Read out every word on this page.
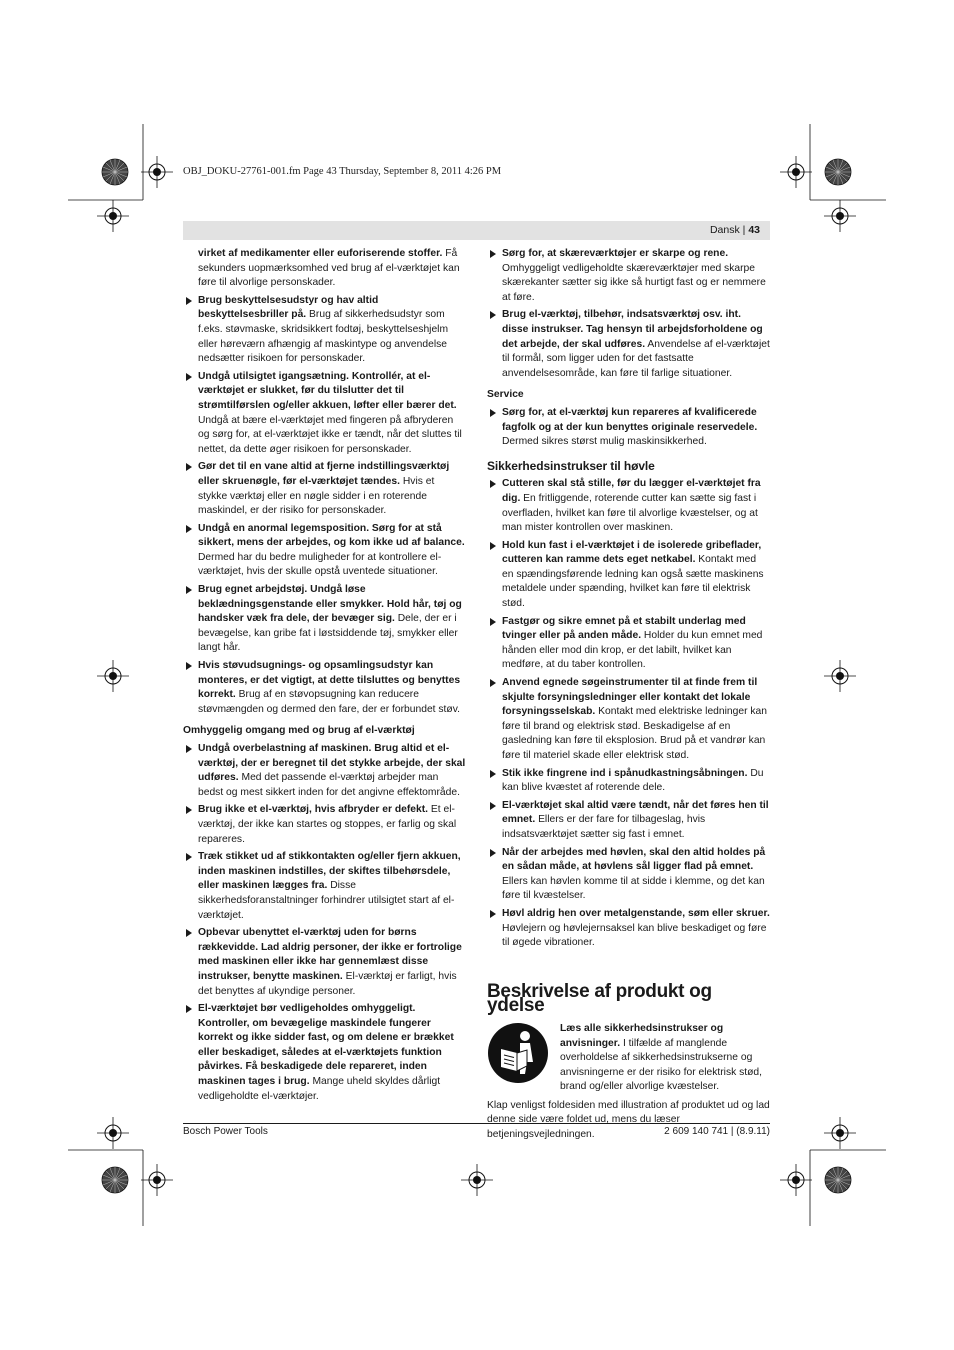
OBJ_DOKU-27761-001.fm Page 43 Thursday, September 8, 2011 4:26 PM
Dansk | 43
virket af medikamenter eller euforiserende stoffer. Få sekunders uopmærksomhed ved brug af el-værktøjet kan føre til alvorlige personskader.
Brug beskyttelsesudstyr og hav altid beskyttelsesbriller på. Brug af sikkerhedsudstyr som f.eks. støvmaske, skridsikkert fodtøj, beskyttelseshjelm eller høreværn afhængig af maskintype og anvendelse nedsætter risikoen for personskader.
Undgå utilsigtet igangsætning. Kontrollér, at el-værktøjet er slukket, før du tilslutter det til strømtilførslen og/eller akkuen, løfter eller bærer det. Undgå at bære el-værktøjet med fingeren på afbryderen og sørg for, at el-værktøjet ikke er tændt, når det sluttes til nettet, da dette øger risikoen for personskader.
Gør det til en vane altid at fjerne indstillingsværktøj eller skruenøgle, før el-værktøjet tændes. Hvis et stykke værktøj eller en nøgle sidder i en roterende maskindel, er der risiko for personskader.
Undgå en anormal legemsposition. Sørg for at stå sikkert, mens der arbejdes, og kom ikke ud af balance. Dermed har du bedre muligheder for at kontrollere el-værktøjet, hvis der skulle opstå uventede situationer.
Brug egnet arbejdstøj. Undgå løse beklædningsgenstande eller smykker. Hold hår, tøj og handsker væk fra dele, der bevæger sig. Dele, der er i bevægelse, kan gribe fat i løstsiddende tøj, smykker eller langt hår.
Hvis støvudsugnings- og opsamlingsudstyr kan monteres, er det vigtigt, at dette tilsluttes og benyttes korrekt. Brug af en støvopsugning kan reducere støvmængden og dermed den fare, der er forbundet støv.
Omhyggelig omgang med og brug af el-værktøj
Undgå overbelastning af maskinen. Brug altid et el-værktøj, der er beregnet til det stykke arbejde, der skal udføres. Med det passende el-værktøj arbejder man bedst og mest sikkert inden for det angivne effektområde.
Brug ikke et el-værktøj, hvis afbryder er defekt. Et el-værktøj, der ikke kan startes og stoppes, er farlig og skal repareres.
Træk stikket ud af stikkontakten og/eller fjern akkuen, inden maskinen indstilles, der skiftes tilbehørsdele, eller maskinen lægges fra. Disse sikkerhedsforanstaltninger forhindrer utilsigtet start af el-værktøjet.
Opbevar ubenyttet el-værktøj uden for børns rækkevidde. Lad aldrig personer, der ikke er fortrolige med maskinen eller ikke har gennemlæst disse instrukser, benytte maskinen. El-værktøj er farligt, hvis det benyttes af ukyndige personer.
El-værktøjet bør vedligeholdes omhyggeligt. Kontroller, om bevægelige maskindele fungerer korrekt og ikke sidder fast, og om delene er brækket eller beskadiget, således at el-værktøjets funktion påvirkes. Få beskadigede dele repareret, inden maskinen tages i brug. Mange uheld skyldes dårligt vedligeholdte el-værktøjer.
Sørg for, at skæreværktøjer er skarpe og rene. Omhyggeligt vedligeholdte skæreværktøjer med skarpe skærekanter sætter sig ikke så hurtigt fast og er nemmere at føre.
Brug el-værktøj, tilbehør, indsatsværktøj osv. iht. disse instrukser. Tag hensyn til arbejdsforholdene og det arbejde, der skal udføres. Anvendelse af el-værktøjet til formål, som ligger uden for det fastsatte anvendelsesområde, kan føre til farlige situationer.
Service
Sørg for, at el-værktøj kun repareres af kvalificerede fagfolk og at der kun benyttes originale reservedele. Dermed sikres størst mulig maskinsikkerhed.
Sikkerhedsinstrukser til høvle
Cutteren skal stå stille, før du lægger el-værktøjet fra dig. En fritliggende, roterende cutter kan sætte sig fast i overfladen, hvilket kan føre til alvorlige kvæstelser, og at man mister kontrollen over maskinen.
Hold kun fast i el-værktøjet i de isolerede gribeflader, cutteren kan ramme dets eget netkabel. Kontakt med en spændingsførende ledning kan også sætte maskinens metaldele under spænding, hvilket kan føre til elektrisk stød.
Fastgør og sikre emnet på et stabilt underlag med tvinger eller på anden måde. Holder du kun emnet med hånden eller mod din krop, er det labilt, hvilket kan medføre, at du taber kontrollen.
Anvend egnede søgeinstrumenter til at finde frem til skjulte forsyningsledninger eller kontakt det lokale forsyningsselskab. Kontakt med elektriske ledninger kan føre til brand og elektrisk stød. Beskadigelse af en gasledning kan føre til eksplosion. Brud på et vandrør kan føre til materiel skade eller elektrisk stød.
Stik ikke fingrene ind i spånudkastningsåbningen. Du kan blive kvæstet af roterende dele.
El-værktøjet skal altid være tændt, når det føres hen til emnet. Ellers er der fare for tilbageslag, hvis indsatsværktøjet sætter sig fast i emnet.
Når der arbejdes med høvlen, skal den altid holdes på en sådan måde, at høvlens sål ligger flad på emnet. Ellers kan høvlen komme til at sidde i klemme, og det kan føre til kvæstelser.
Høvl aldrig hen over metalgenstande, søm eller skruer. Høvlejern og høvlejernsaksel kan blive beskadiget og føre til øgede vibrationer.
Beskrivelse af produkt og ydelse
Læs alle sikkerhedsinstrukser og anvisninger. I tilfælde af manglende overholdelse af sikkerhedsinstrukserne og anvisningerne er der risiko for elektrisk stød, brand og/eller alvorlige kvæstelser.
Klap venligst foldesiden med illustration af produktet ud og lad denne side være foldet ud, mens du læser betjeningsvejledningen.
Bosch Power Tools	2 609 140 741 | (8.9.11)
